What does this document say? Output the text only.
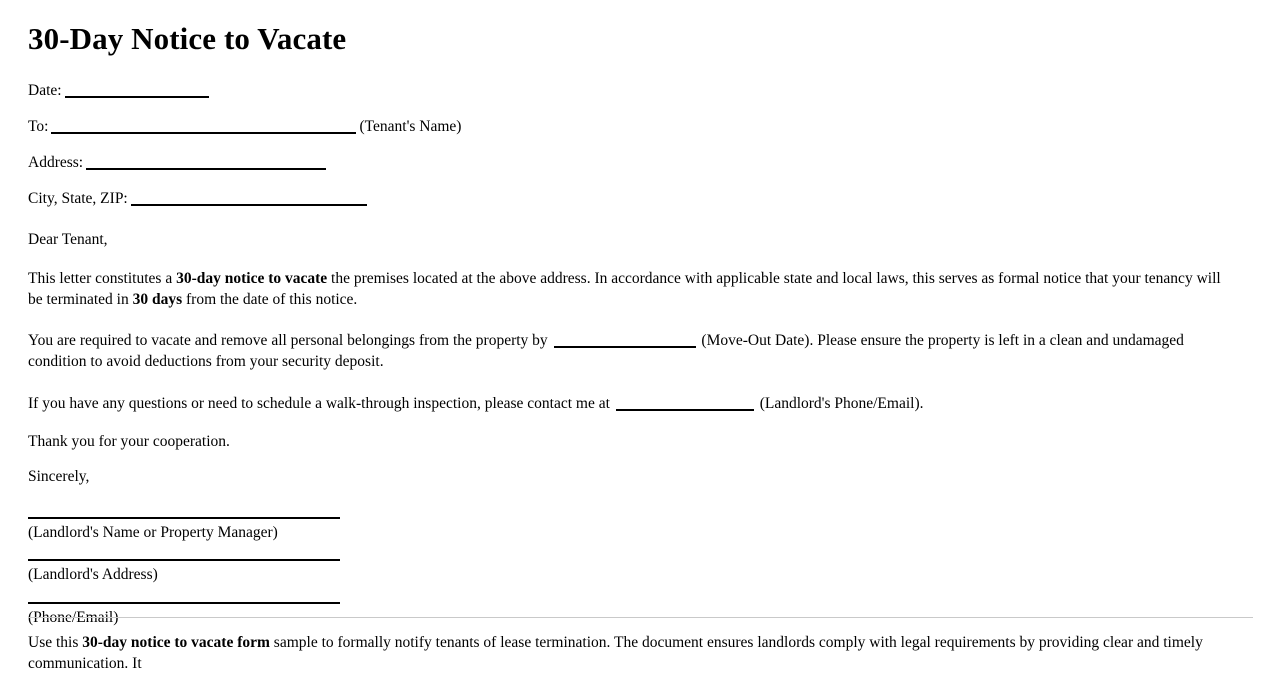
30-Day Notice to Vacate
Date:
To:	(Tenant's Name)
Address:
City, State, ZIP:

Dear Tenant,

This letter constitutes a 30-day notice to vacate the premises located at the above address. In accordance with applicable state and local laws, this serves as formal notice that your tenancy will be terminated in 30 days from the date of this notice.

You are required to vacate and remove all personal belongings from the property by	(Move-Out Date). Please ensure the property is left in a clean and undamaged condition to avoid deductions from your security deposit.

If you have any questions or need to schedule a walk-through inspection, please contact me at	(Landlord's Phone/Email).

Thank you for your cooperation.

Sincerely,

(Landlord's Name or Property Manager)
(Landlord's Address)
(Phone/Email)
Use this 30-day notice to vacate form sample to formally notify tenants of lease termination. The document ensures landlords comply with legal requirements by providing clear and timely communication. It
